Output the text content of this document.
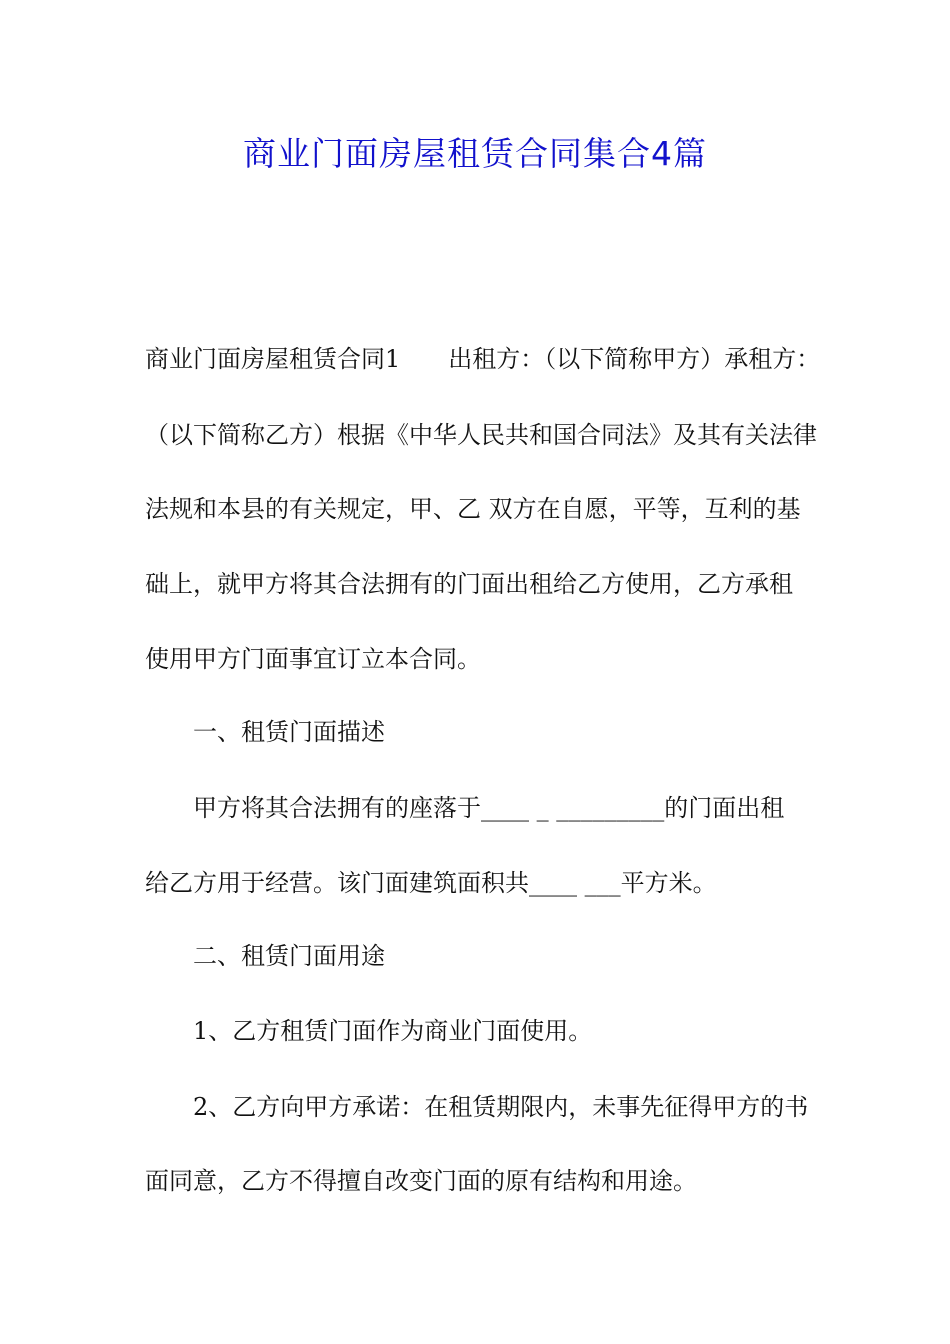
商业门面房屋租赁合同集合4篇
商业门面房屋租赁合同1 出租方：（以下简称甲方）承租方：
（以下简称乙方）根据《中华人民共和国合同法》及其有关法律
法规和本县的有关规定，甲、乙 双方在自愿，平等，互利的基
础上，就甲方将其合法拥有的门面出租给乙方使用，乙方承租
使用甲方门面事宜订立本合同。
一、租赁门面描述
甲方将其合法拥有的座落于____ _ _________的门面出租
给乙方用于经营。该门面建筑面积共____ ___平方米。
二、租赁门面用途
1、乙方租赁门面作为商业门面使用。
2、乙方向甲方承诺：在租赁期限内，未事先征得甲方的书
面同意，乙方不得擅自改变门面的原有结构和用途。
